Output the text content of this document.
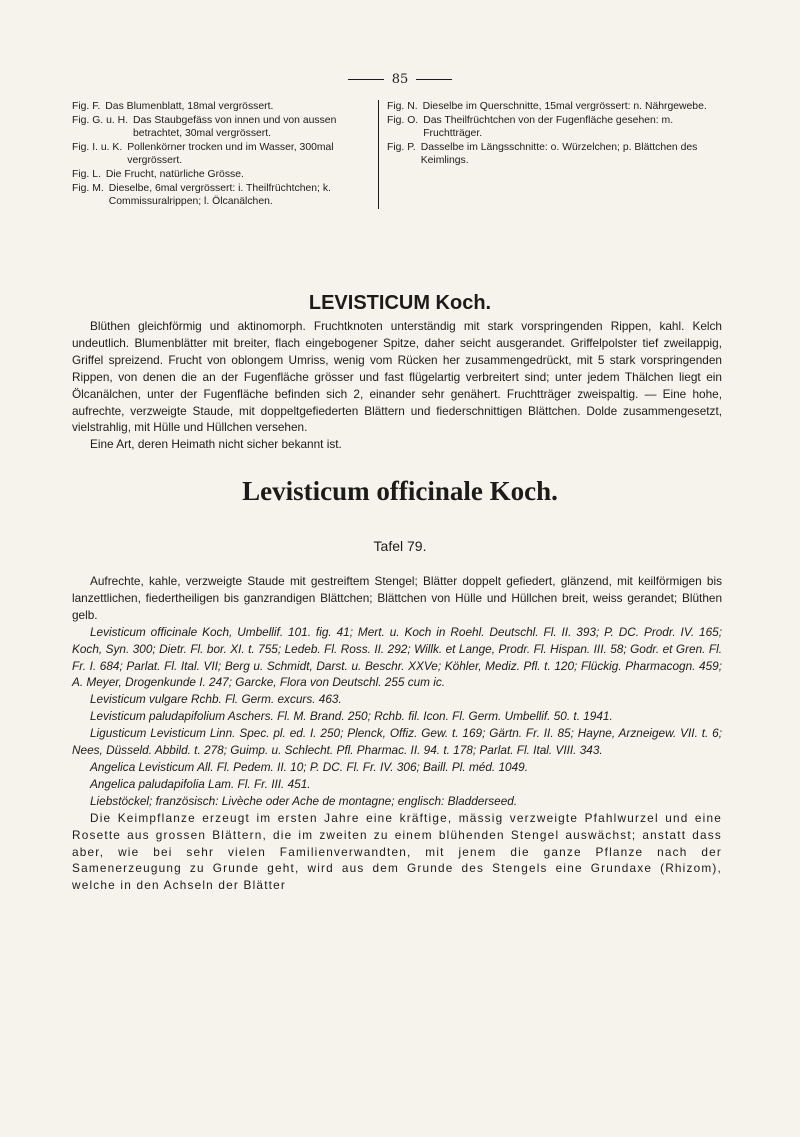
85
Fig. F. Das Blumenblatt, 18mal vergrössert.
Fig. G. u. H. Das Staubgefäss von innen und von aussen betrachtet, 30mal vergrössert.
Fig. I. u. K. Pollenkörner trocken und im Wasser, 300mal vergrössert.
Fig. L. Die Frucht, natürliche Grösse.
Fig. M. Dieselbe, 6mal vergrössert: i. Theilfrüchtchen; k. Commissuralrippen; l. Ölcanälchen.
Fig. N. Dieselbe im Querschnitte, 15mal vergrössert: n. Nährgewebe.
Fig. O. Das Theilfrüchtchen von der Fugenfläche gesehen: m. Fruchtträger.
Fig. P. Dasselbe im Längsschnitte: o. Würzelchen; p. Blättchen des Keimlings.
LEVISTICUM Koch.

Blüthen gleichförmig und aktinomorph. Fruchtknoten unterständig mit stark vorspringenden Rippen, kahl. Kelch undeutlich. Blumenblätter mit breiter, flach eingebogener Spitze, daher seicht ausgerandet. Griffelpolster tief zweilappig, Griffel spreizend. Frucht von oblongem Umriss, wenig vom Rücken her zusammengedrückt, mit 5 stark vorspringenden Rippen, von denen die an der Fugenfläche grösser und fast flügelartig verbreitert sind; unter jedem Thälchen liegt ein Ölcanälchen, unter der Fugenfläche befinden sich 2, einander sehr genähert. Fruchtträger zweispaltig. — Eine hohe, aufrechte, verzweigte Staude, mit doppeltgefiederten Blättern und fiederschnittigen Blättchen. Dolde zusammengesetzt, vielstrahlig, mit Hülle und Hüllchen versehen.

Eine Art, deren Heimath nicht sicher bekannt ist.

Levisticum officinale Koch.
Tafel 79.

Aufrechte, kahle, verzweigte Staude mit gestreiftem Stengel; Blätter doppelt gefiedert, glänzend, mit keilförmigen bis lanzettlichen, fiedertheiligen bis ganzrandigen Blättchen; Blättchen von Hülle und Hüllchen breit, weiss gerandet; Blüthen gelb.

Levisticum officinale Koch, Umbellif. 101. fig. 41; Mert. u. Koch in Roehl. Deutschl. Fl. II. 393; P. DC. Prodr. IV. 165; Koch, Syn. 300; Dietr. Fl. bor. XI. t. 755; Ledeb. Fl. Ross. II. 292; Willk. et Lange, Prodr. Fl. Hispan. III. 58; Godr. et Gren. Fl. Fr. I. 684; Parlat. Fl. Ital. VII; Berg u. Schmidt, Darst. u. Beschr. XXVe; Köhler, Mediz. Pfl. t. 120; Flückig. Pharmacogn. 459; A. Meyer, Drogenkunde I. 247; Garcke, Flora von Deutschl. 255 cum ic.

Levisticum vulgare Rchb. Fl. Germ. excurs. 463.

Levisticum paludapifolium Aschers. Fl. M. Brand. 250; Rchb. fil. Icon. Fl. Germ. Umbellif. 50. t. 1941.

Ligusticum Levisticum Linn. Spec. pl. ed. I. 250; Plenck, Offiz. Gew. t. 169; Gärtn. Fr. II. 85; Hayne, Arzneigew. VII. t. 6; Nees, Düsseld. Abbild. t. 278; Guimp. u. Schlecht. Pfl. Pharmac. II. 94. t. 178; Parlat. Fl. Ital. VIII. 343.

Angelica Levisticum All. Fl. Pedem. II. 10; P. DC. Fl. Fr. IV. 306; Baill. Pl. méd. 1049.

Angelica paludapifolia Lam. Fl. Fr. III. 451.

Liebstöckel; französisch: Livèche oder Ache de montagne; englisch: Bladderseed.

Die Keimpflanze erzeugt im ersten Jahre eine kräftige, mässig verzweigte Pfahlwurzel und eine Rosette aus grossen Blättern, die im zweiten zu einem blühenden Stengel auswächst; anstatt dass aber, wie bei sehr vielen Familienverwandten, mit jenem die ganze Pflanze nach der Samenerzeugung zu Grunde geht, wird aus dem Grunde des Stengels eine Grundaxe (Rhizom), welche in den Achseln der Blätter
